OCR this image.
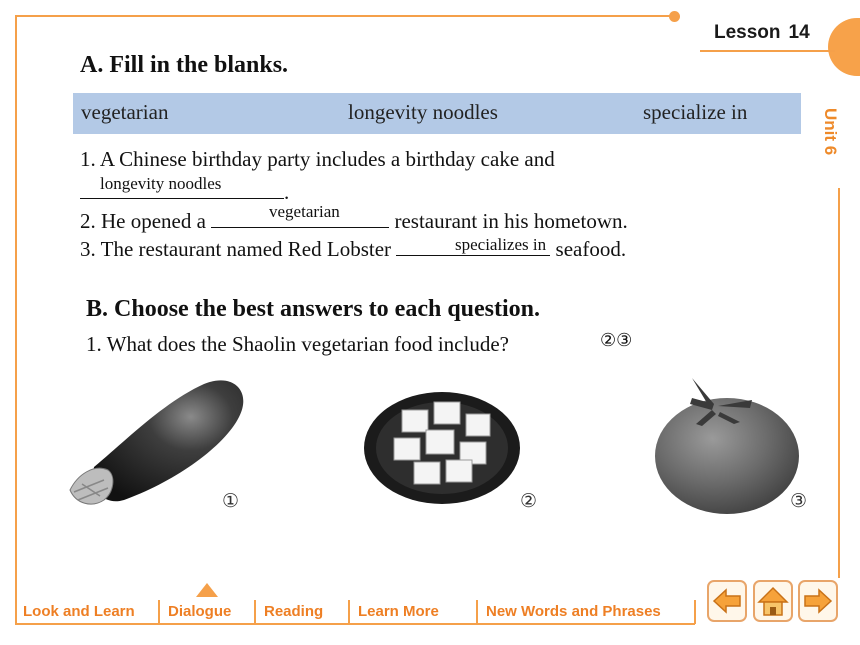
Lesson 14
Unit 6
A. Fill in the blanks.
vegetarian	longevity noodles	specialize in
1. A Chinese birthday party includes a birthday cake and
.
longevity noodles
2. He opened a	restaurant in his hometown.
vegetarian
3. The restaurant named Red Lobster	seafood.
specializes in
B. Choose the best answers to each question.
1. What does the Shaolin vegetarian food include?	②③
①	②	③
Look and Learn	Dialogue	Reading	Learn More	New Words and Phrases
